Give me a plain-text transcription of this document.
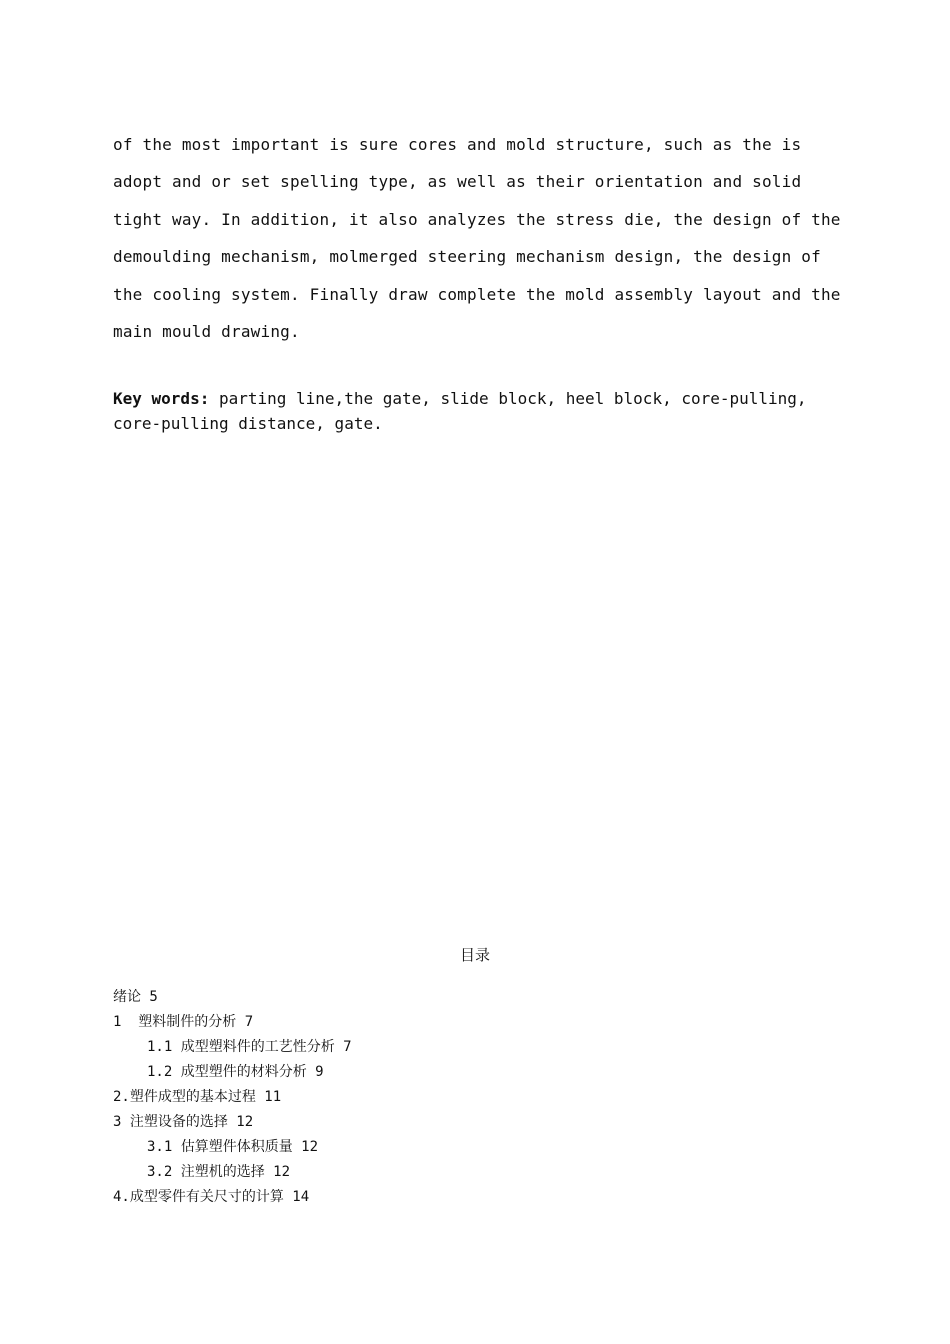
of the most important is sure cores and mold structure, such as the is

adopt and or set spelling type, as well as their orientation and solid

tight way. In addition, it also analyzes the stress die, the design of the

demoulding mechanism, molmerged steering mechanism design, the design of

the cooling system. Finally draw complete the mold assembly layout and the

main mould drawing.

Key words: parting line,the gate, slide block, heel block, core-pulling,

core-pulling distance, gate.

目录
绪论 5
1  塑料制件的分析 7
1.1 成型塑料件的工艺性分析 7
1.2 成型塑件的材料分析 9
2.塑件成型的基本过程 11
3 注塑设备的选择 12
3.1 估算塑件体积质量 12
3.2 注塑机的选择 12
4.成型零件有关尺寸的计算 14
